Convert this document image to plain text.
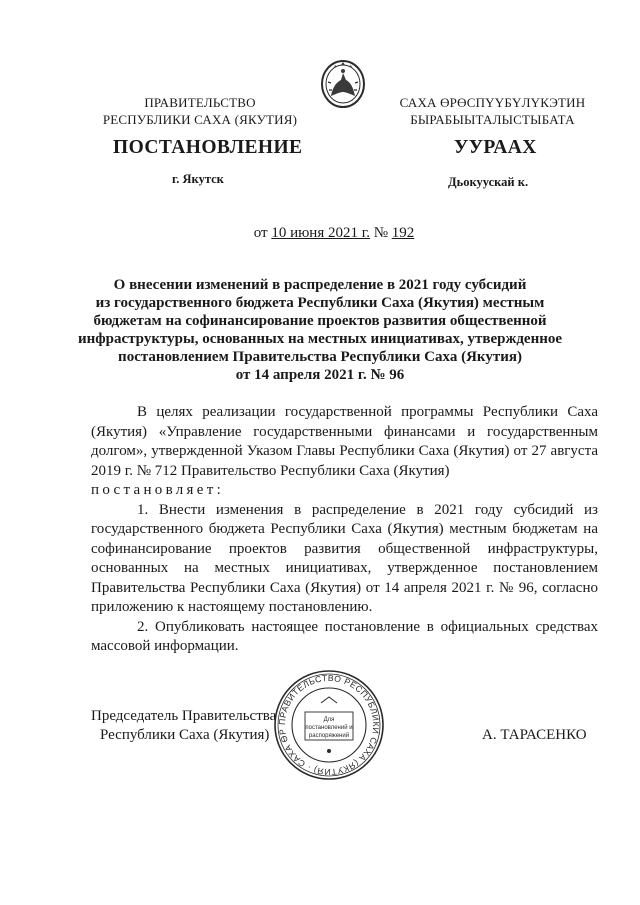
ПРАВИТЕЛЬСТВО
РЕСПУБЛИКИ САХА (ЯКУТИЯ)
САХА ӨРӨСПҮҮБҮЛҮКЭТИН
БЫРАБЫЫТАЛЫСТЫБАТА
ПОСТАНОВЛЕНИЕ	УУРААХ
г. Якутск	Дьокуускай к.
от 10 июня 2021 г. № 192
О внесении изменений в распределение в 2021 году субсидий
из государственного бюджета Республики Саха (Якутия) местным
бюджетам на софинансирование проектов развития общественной
инфраструктуры, основанных на местных инициативах, утвержденное
постановлением Правительства Республики Саха (Якутия)
от 14 апреля 2021 г. № 96

В целях реализации государственной программы Республики Саха (Якутия) «Управление государственными финансами и государственным долгом», утвержденной Указом Главы Республики Саха (Якутия) от 27 августа 2019 г. № 712 Правительство Республики Саха (Якутия)

постановляет:

1. Внести изменения в распределение в 2021 году субсидий из государственного бюджета Республики Саха (Якутия) местным бюджетам на софинансирование проектов развития общественной инфраструктуры, основанных на местных инициативах, утвержденное постановлением Правительства Республики Саха (Якутия) от 14 апреля 2021 г. № 96, согласно приложению к настоящему постановлению.

2. Опубликовать настоящее постановление в официальных средствах массовой информации.

Председатель Правительства
Республики Саха (Якутия)	А. ТАРАСЕНКО
ПРАВИТЕЛЬСТВО РЕСПУБЛИКИ САХА (ЯКУТИЯ) · САХА ӨР
Для
постановлений и
распоряжений
